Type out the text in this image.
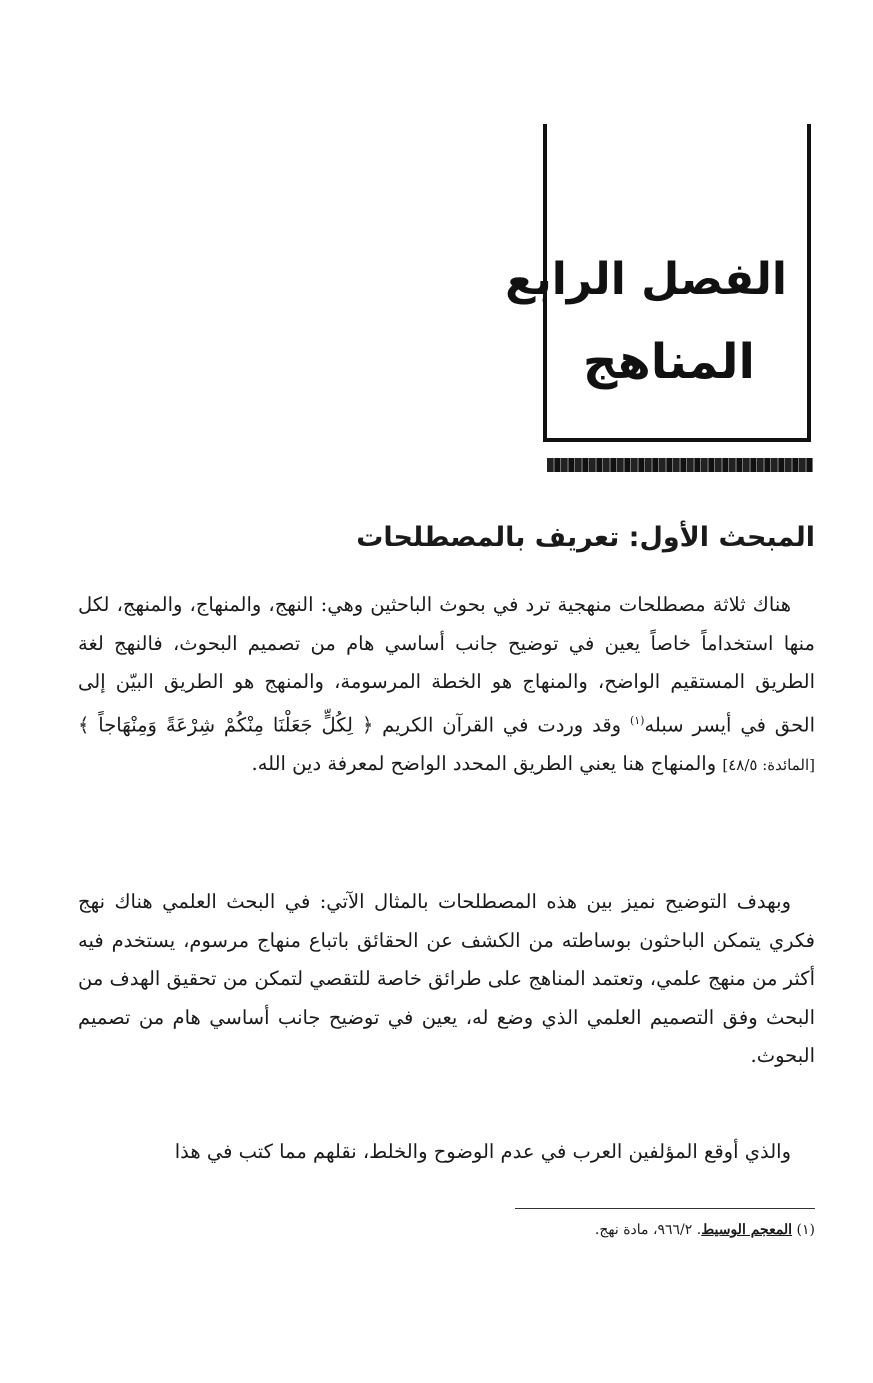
الفصل الرابع
المناهج
المبحث الأول: تعريف بالمصطلحات

هناك ثلاثة مصطلحات منهجية ترد في بحوث الباحثين وهي: النهج، والمنهاج، والمنهج، لكل منها استخداماً خاصاً يعين في توضيح جانب أساسي هام من تصميم البحوث، فالنهج لغة الطريق المستقيم الواضح، والمنهاج هو الخطة المرسومة، والمنهج هو الطريق البيّن إلى الحق في أيسر سبله$^{(١)}$ وقد وردت في القرآن الكريم ﴿ لِكُلٍّ جَعَلْنَا مِنْكُمْ شِرْعَةً وَمِنْهَاجاً ﴾ [المائدة: ٤٨/٥] والمنهاج هنا يعني الطريق المحدد الواضح لمعرفة دين الله.

وبهدف التوضيح نميز بين هذه المصطلحات بالمثال الآتي: في البحث العلمي هناك نهج فكري يتمكن الباحثون بوساطته من الكشف عن الحقائق باتباع منهاج مرسوم، يستخدم فيه أكثر من منهج علمي، وتعتمد المناهج على طرائق خاصة للتقصي لتمكن من تحقيق الهدف من البحث وفق التصميم العلمي الذي وضع له، يعين في توضيح جانب أساسي هام من تصميم البحوث.

والذي أوقع المؤلفين العرب في عدم الوضوح والخلط، نقلهم مما كتب في هذا

(١) المعجم الوسيط. ٩٦٦/٢، مادة نهج.
